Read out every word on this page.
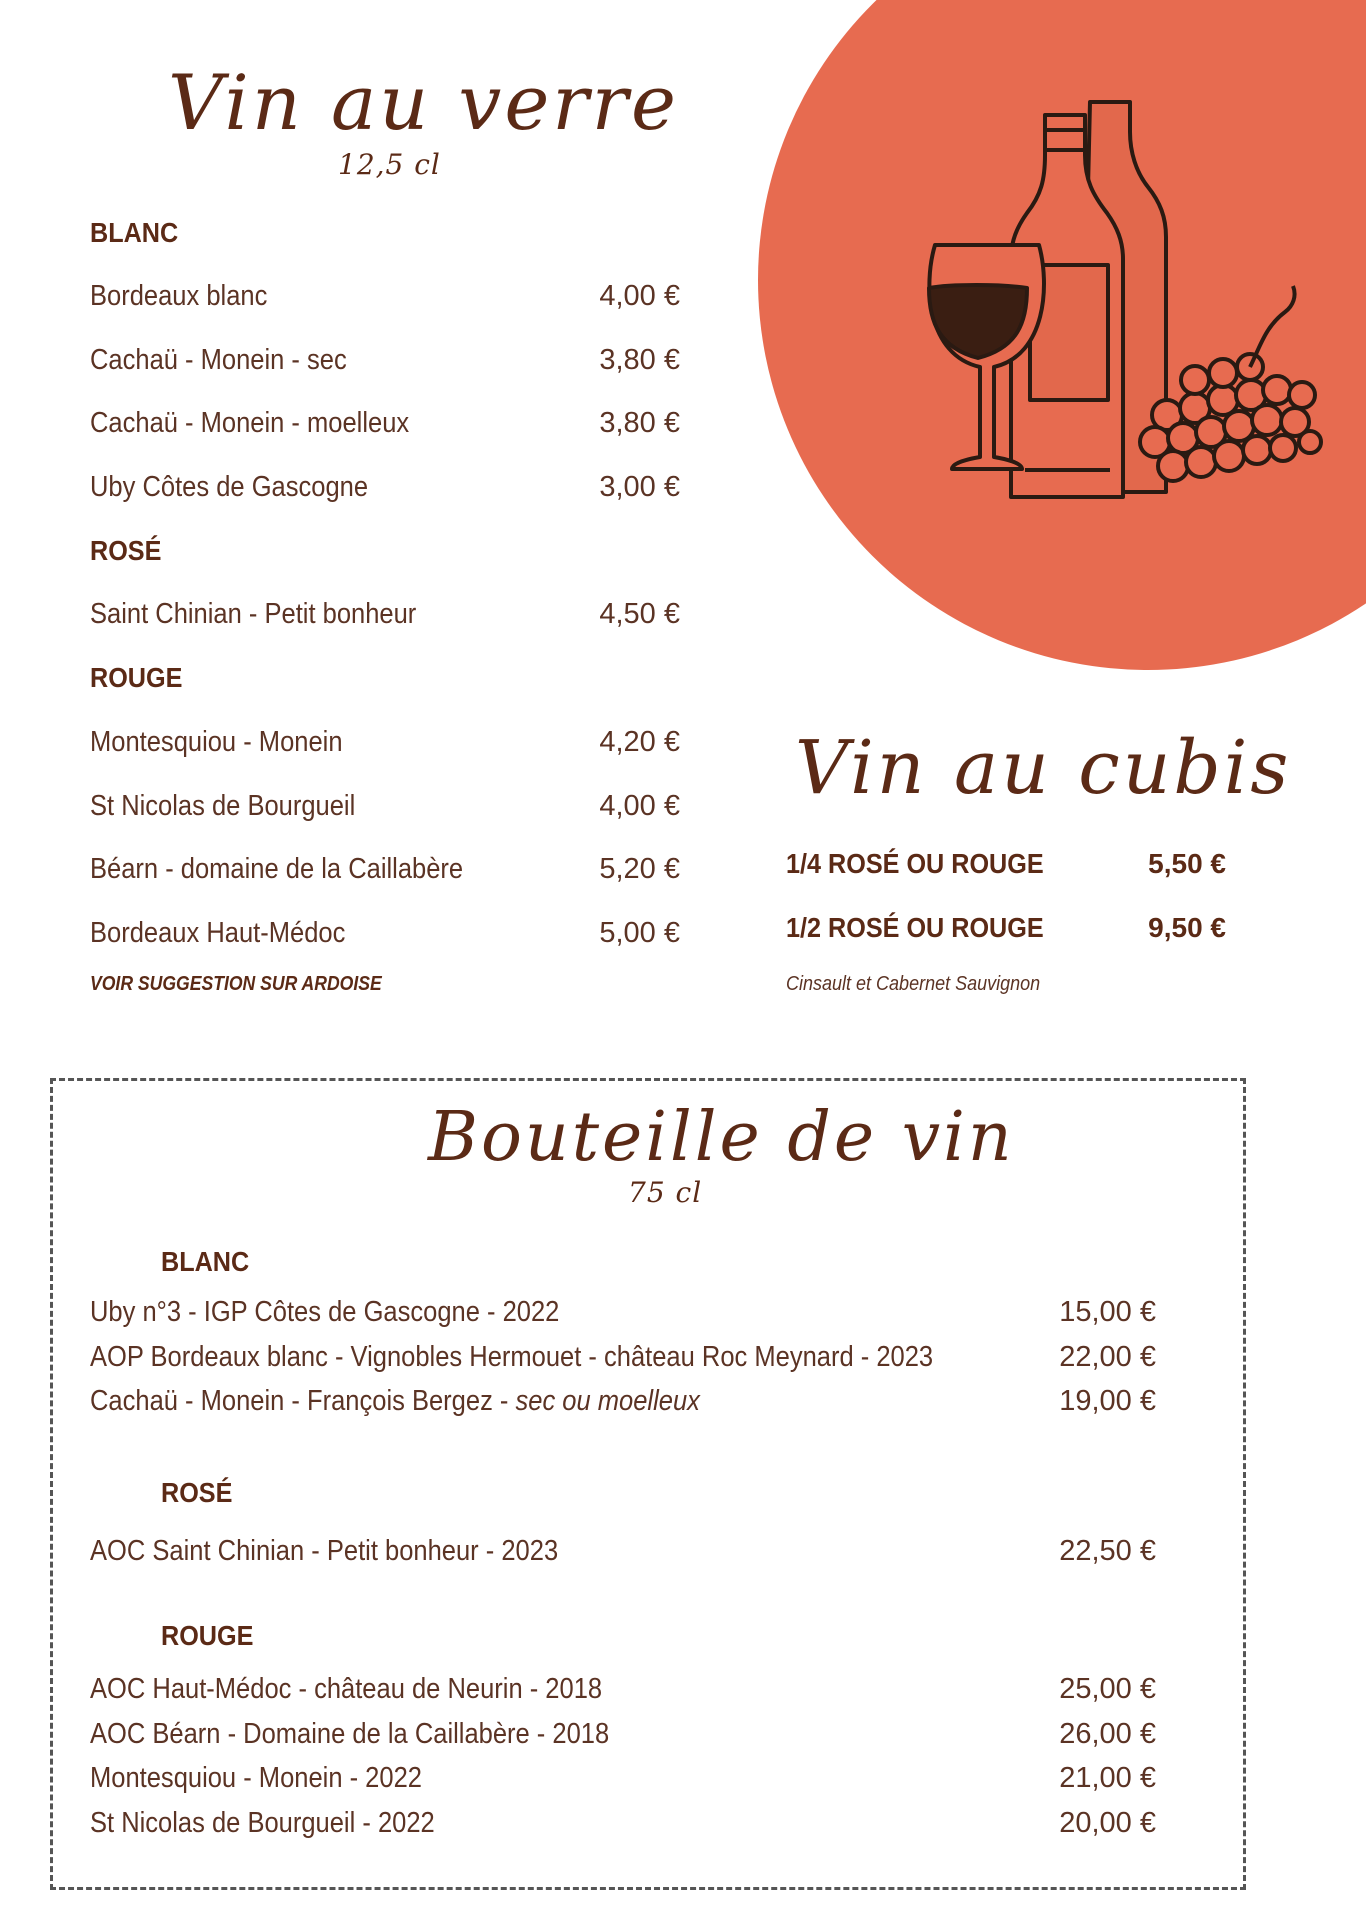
Vin au verre
12,5 cl
BLANC
Bordeaux blanc	4,00 €
Cachaü - Monein - sec	3,80 €
Cachaü - Monein - moelleux	3,80 €
Uby Côtes de Gascogne	3,00 €
ROSÉ
Saint Chinian - Petit bonheur	4,50 €
ROUGE
Montesquiou - Monein	4,20 €
St Nicolas de Bourgueil	4,00 €
Béarn - domaine de la Caillabère	5,20 €
Bordeaux Haut-Médoc	5,00 €
VOIR SUGGESTION SUR ARDOISE
Vin au cubis
1/4 ROSÉ OU ROUGE	5,50 €
1/2 ROSÉ OU ROUGE	9,50 €
Cinsault et Cabernet Sauvignon
Bouteille de vin
75 cl
BLANC
Uby n°3 - IGP Côtes de Gascogne - 2022	15,00 €
AOP Bordeaux blanc - Vignobles Hermouet - château Roc Meynard - 2023	22,00 €
Cachaü - Monein - François Bergez - sec ou moelleux	19,00 €
ROSÉ
AOC Saint Chinian - Petit bonheur - 2023	22,50 €
ROUGE
AOC Haut-Médoc - château de Neurin - 2018	25,00 €
AOC Béarn - Domaine de la Caillabère - 2018	26,00 €
Montesquiou - Monein - 2022	21,00 €
St Nicolas de Bourgueil - 2022	20,00 €
